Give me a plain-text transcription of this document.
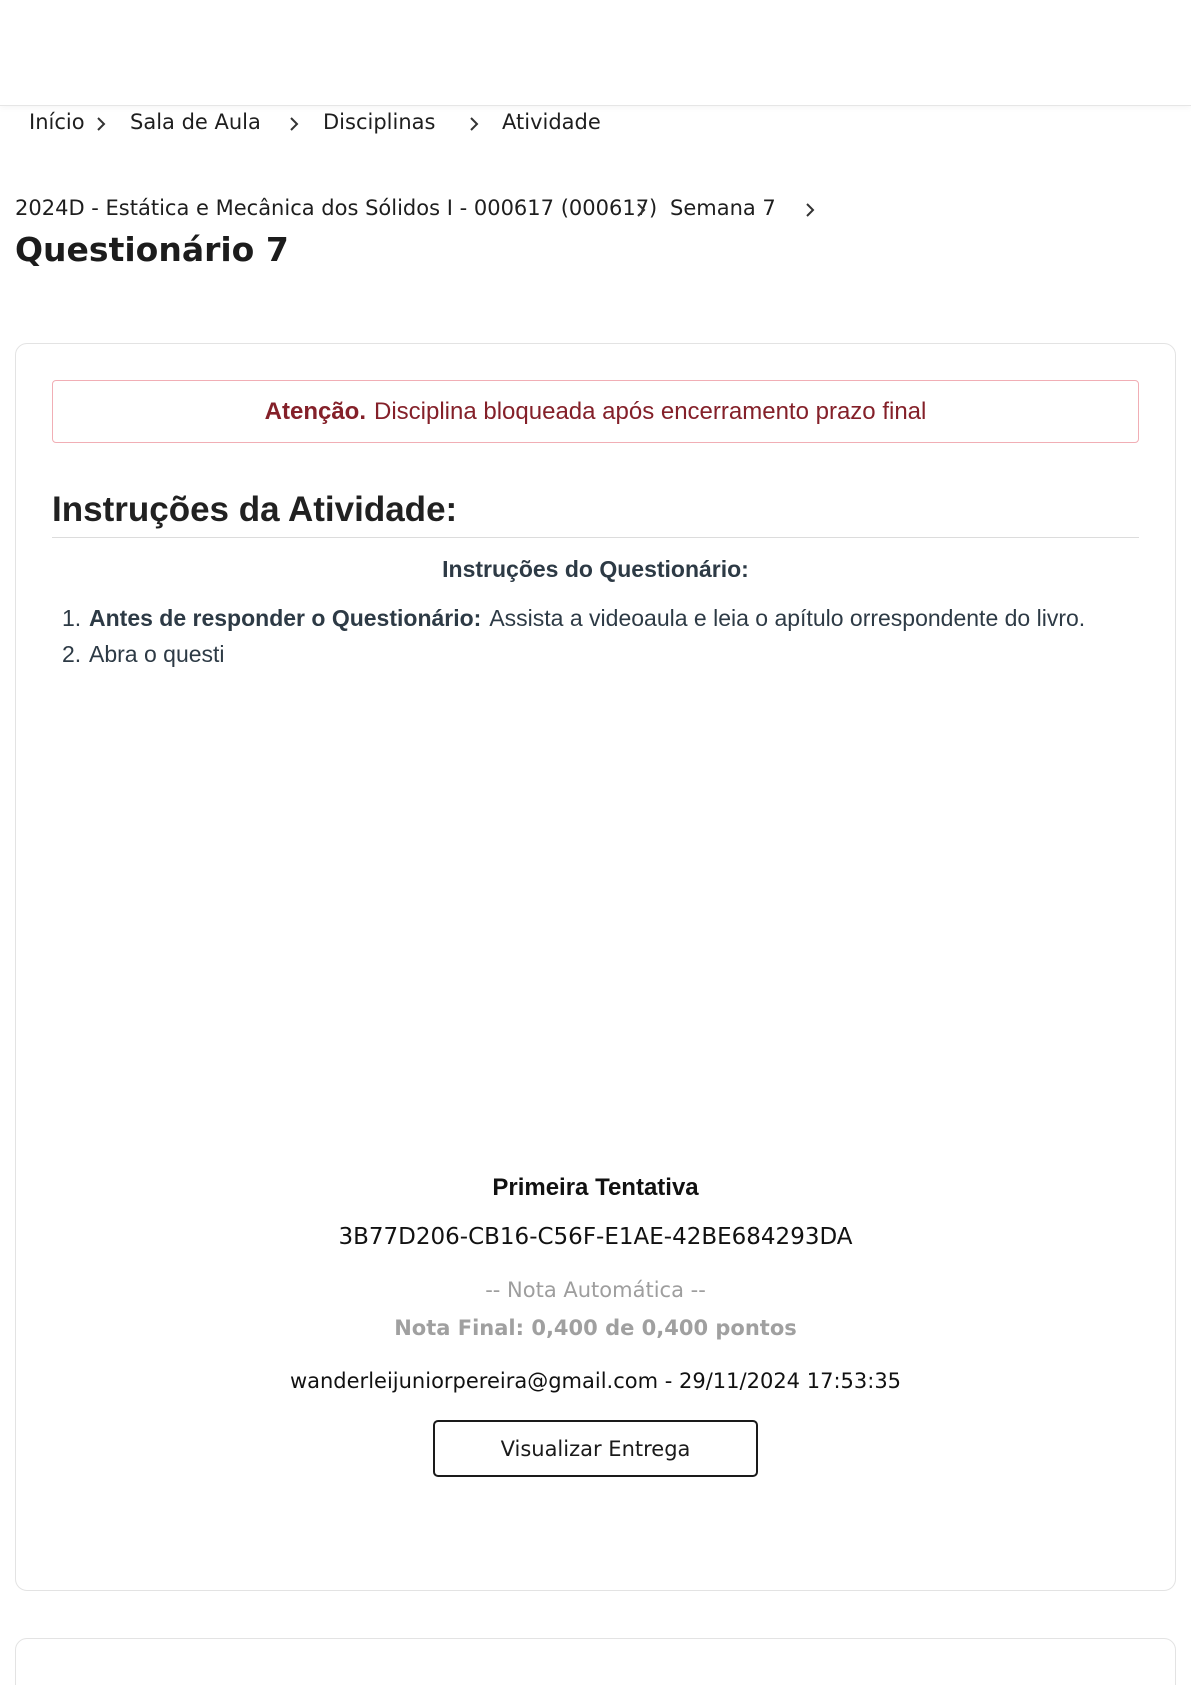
Início Sala de Aula	Disciplinas	Atividade
2024D - Estática e Mecânica dos Sólidos I - 000617 (000617) Semana 7
Questionário 7
Atenção. Disciplina bloqueada após encerramento prazo final
Instruções da Atividade:
Instruções do Questionário:
1. Antes de responder o Questionário: Assista a videoaula e leia o apítulo orrespondente do livro.
2. Abra o questi
Primeira Tentativa
3B77D206-CB16-C56F-E1AE-42BE684293DA
-- Nota Automática --
Nota Final: 0,400 de 0,400 pontos
wanderleijuniorpereira@gmail.com - 29/11/2024 17:53:35
Visualizar Entrega
